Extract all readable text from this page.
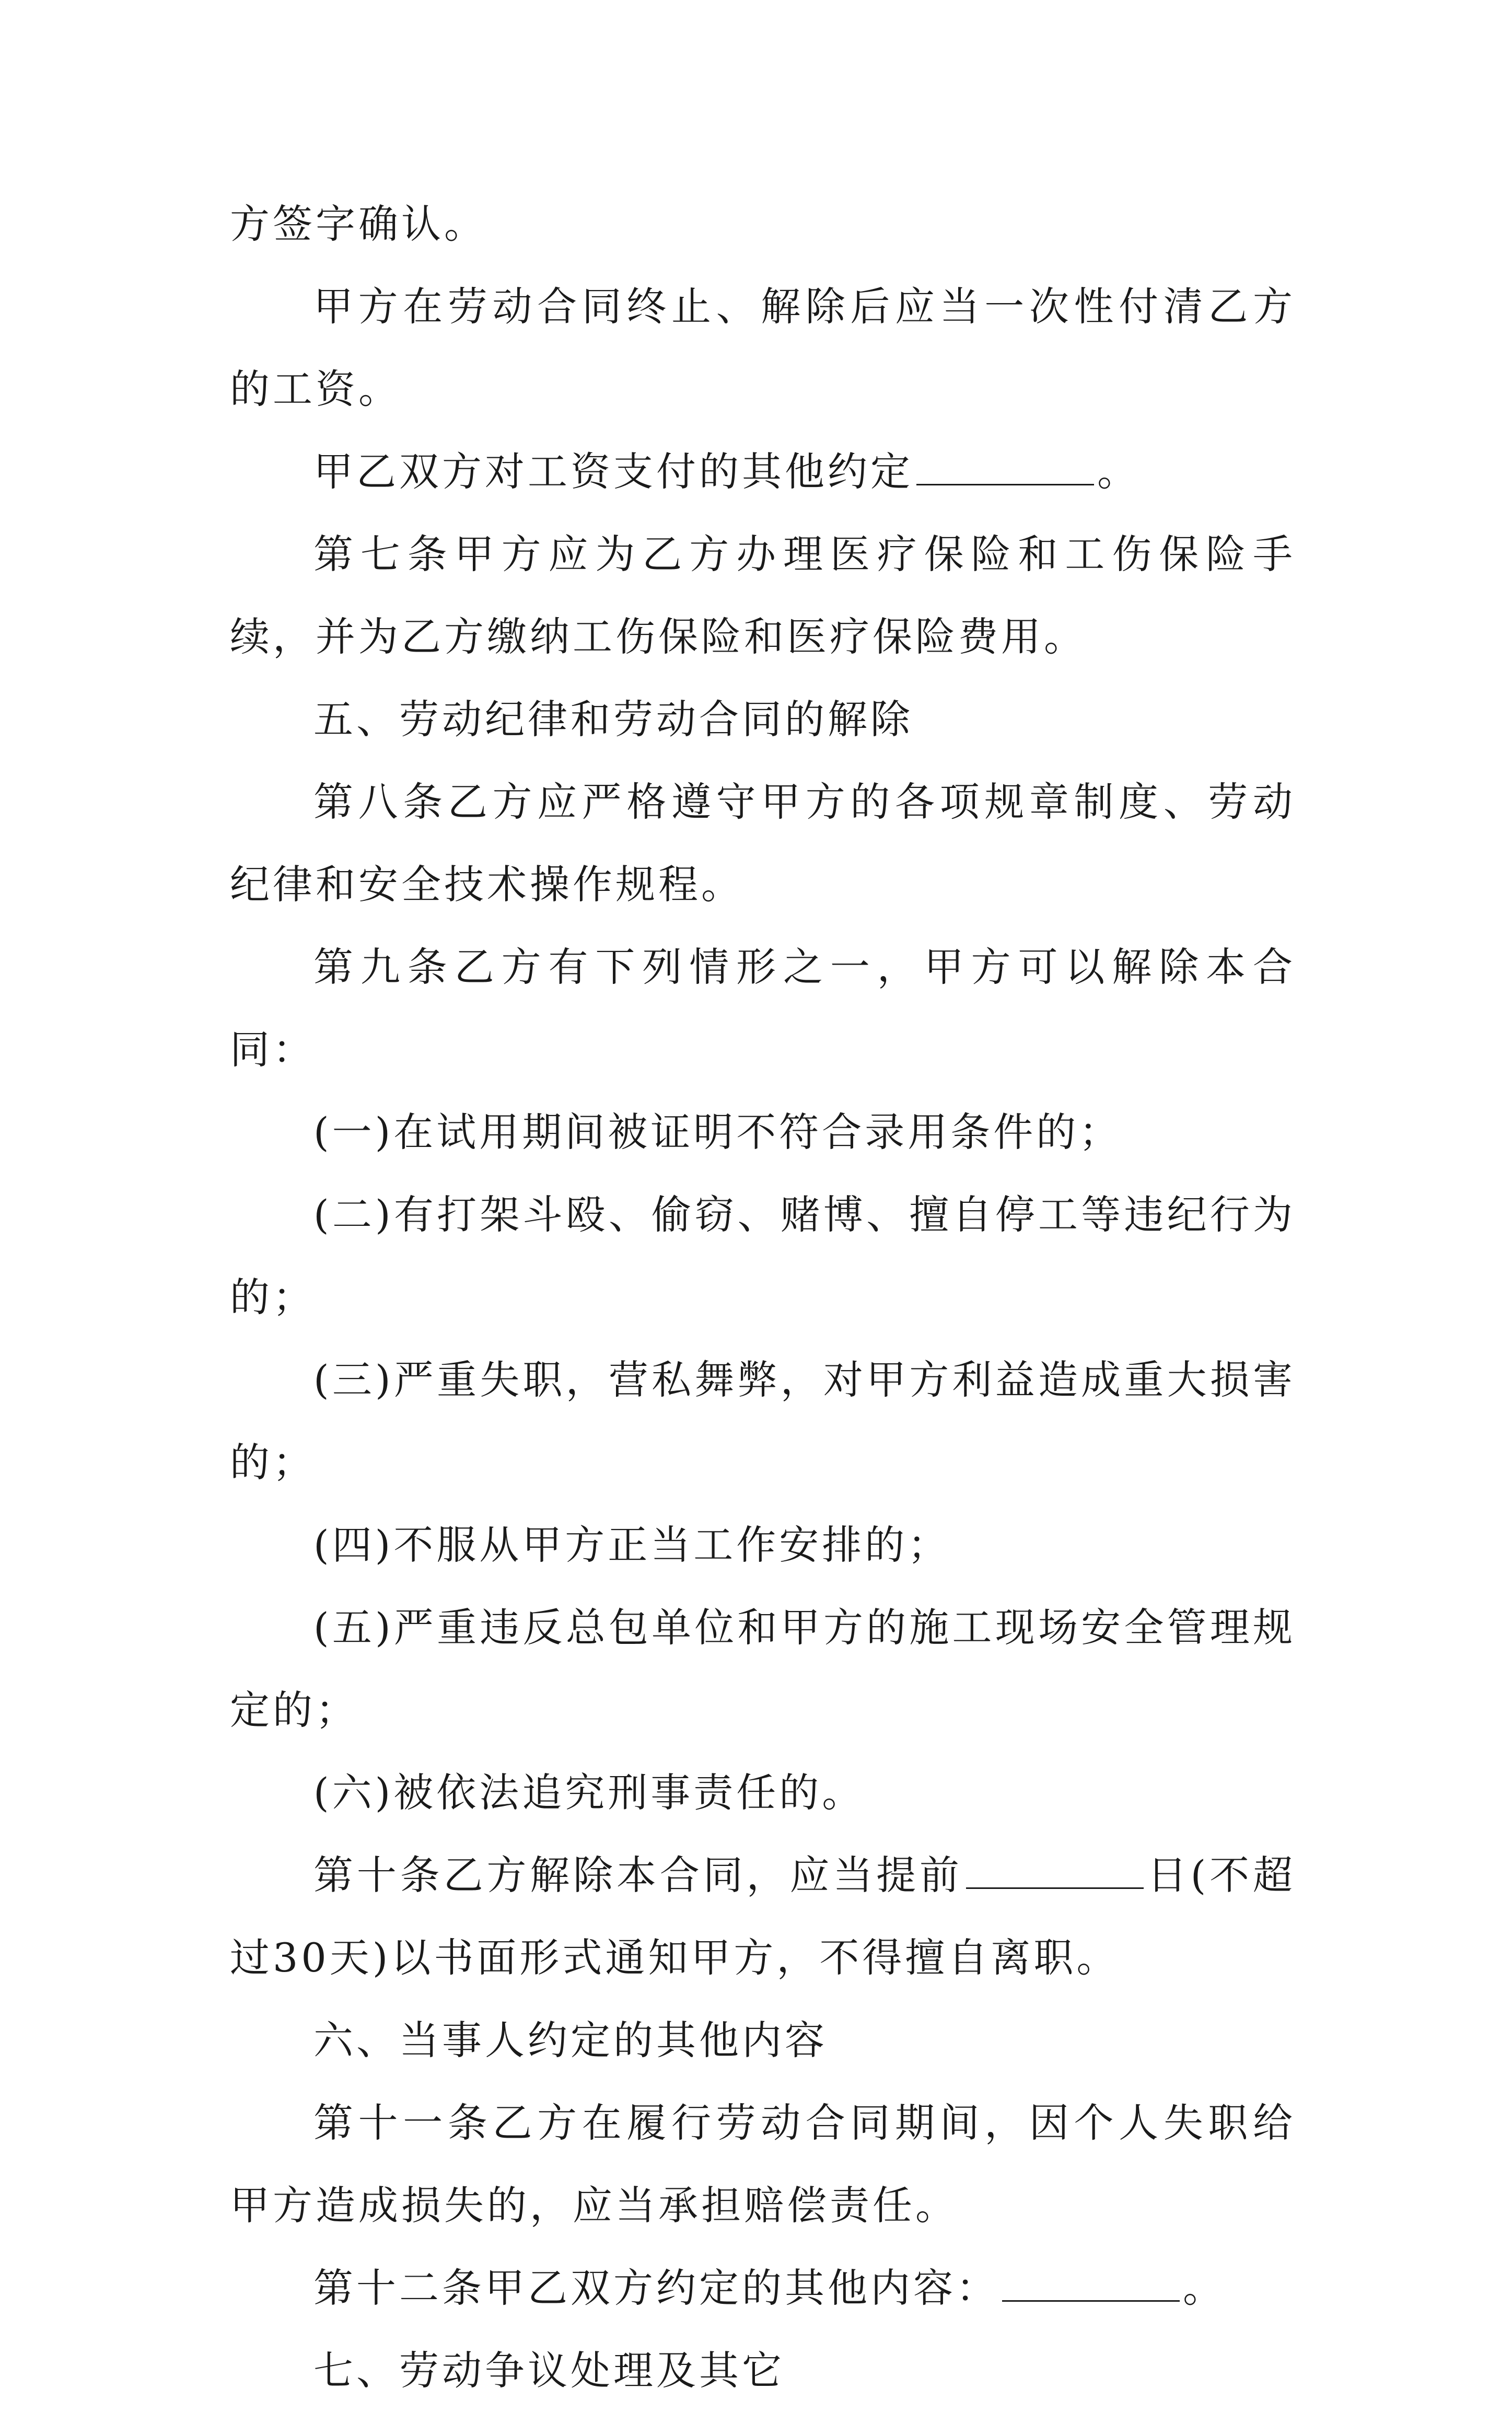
方签字确认。

甲方在劳动合同终止、解除后应当一次性付清乙方的工资。

甲乙双方对工资支付的其他约定	。

第七条甲方应为乙方办理医疗保险和工伤保险手续，并为乙方缴纳工伤保险和医疗保险费用。

五、劳动纪律和劳动合同的解除

第八条乙方应严格遵守甲方的各项规章制度、劳动纪律和安全技术操作规程。

第九条乙方有下列情形之一，甲方可以解除本合同：

(一)在试用期间被证明不符合录用条件的；

(二)有打架斗殴、偷窃、赌博、擅自停工等违纪行为的；

(三)严重失职，营私舞弊，对甲方利益造成重大损害的；

(四)不服从甲方正当工作安排的；

(五)严重违反总包单位和甲方的施工现场安全管理规定的；

(六)被依法追究刑事责任的。

第十条乙方解除本合同，应当提前	日(不超过30天)以书面形式通知甲方，不得擅自离职。

六、当事人约定的其他内容

第十一条乙方在履行劳动合同期间，因个人失职给甲方造成损失的，应当承担赔偿责任。

第十二条甲乙双方约定的其他内容：	。

七、劳动争议处理及其它
